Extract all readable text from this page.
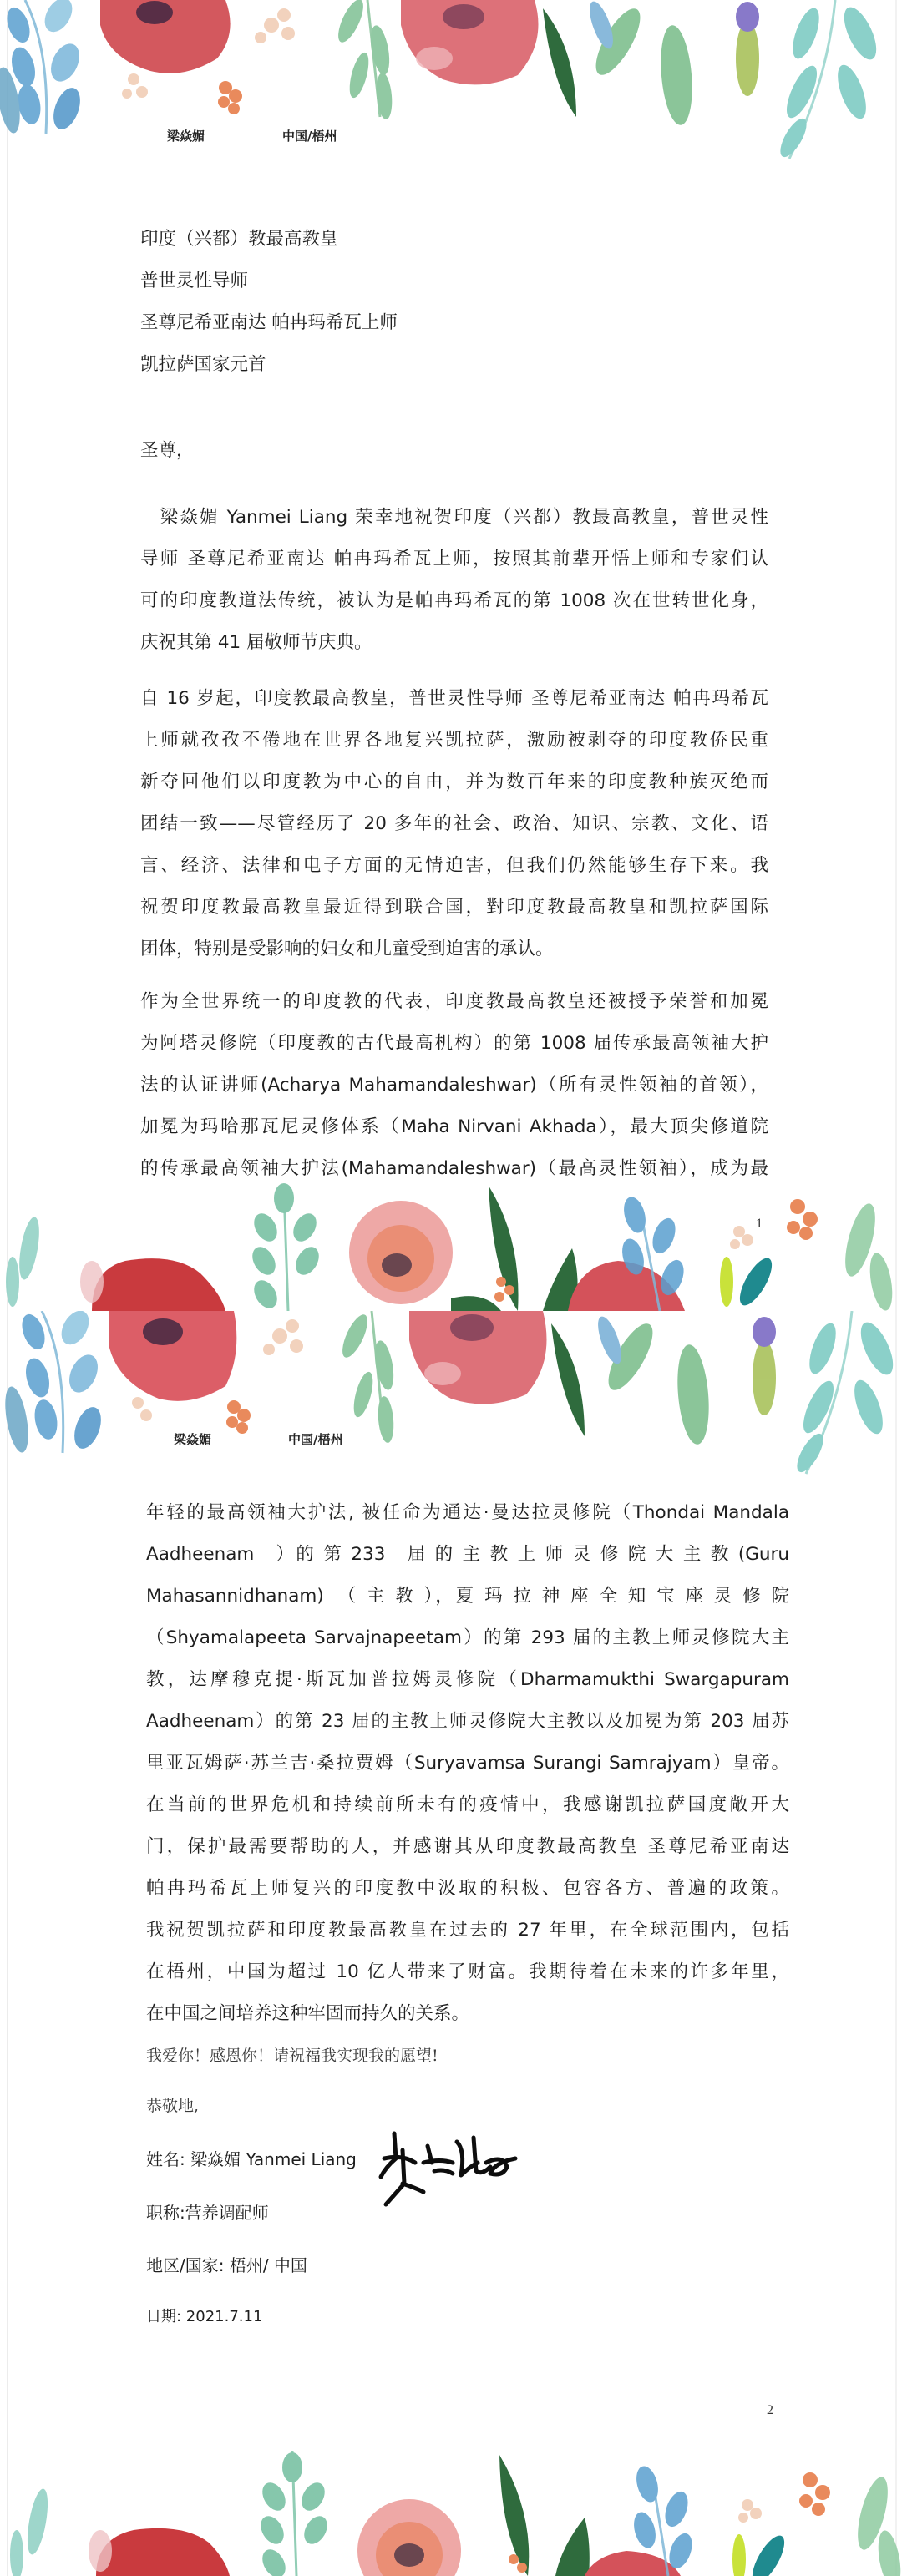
梁焱媚	中国/梧州
印度（兴都）教最高教皇
普世灵性导师
圣尊尼希亚南达 帕冉玛希瓦上师
凯拉萨国家元首
圣尊，
　梁焱媚 Yanmei Liang 荣幸地祝贺印度（兴都）教最高教皇，普世灵性
导师 圣尊尼希亚南达 帕冉玛希瓦上师，按照其前辈开悟上师和专家们认
可的印度教道法传统，被认为是帕冉玛希瓦的第 1008 次在世转世化身，
庆祝其第 41 届敬师节庆典。
自 16 岁起，印度教最高教皇，普世灵性导师 圣尊尼希亚南达 帕冉玛希瓦
上师就孜孜不倦地在世界各地复兴凯拉萨，激励被剥夺的印度教侨民重
新夺回他们以印度教为中心的自由，并为数百年来的印度教种族灭绝而
团结一致——尽管经历了 20 多年的社会、政治、知识、宗教、文化、语
言、经济、法律和电子方面的无情迫害，但我们仍然能够生存下来。我
祝贺印度教最高教皇最近得到联合国，對印度教最高教皇和凯拉萨国际
团体，特别是受影响的妇女和儿童受到迫害的承认。
作为全世界统一的印度教的代表，印度教最高教皇还被授予荣誉和加冕
为阿塔灵修院（印度教的古代最高机构）的第 1008 届传承最高领袖大护
法的认证讲师(Acharya Mahamandaleshwar)（所有灵性领袖的首领），
加冕为玛哈那瓦尼灵修体系（Maha Nirvani Akhada），最大顶尖修道院
的传承最高领袖大护法(Mahamandaleshwar)（最高灵性领袖），成为最
1
梁焱媚	中国/梧州
年轻的最高领袖大护法, 被任命为通达·曼达拉灵修院（Thondai Mandala
Aadheenam　）的 第 233　届 的 主 教 上 师 灵 修 院 大 主 教 (Guru
Mahasannidhanam)　（ 主 教 ），夏 玛 拉 神 座 全 知 宝 座 灵 修 院
（Shyamalapeeta Sarvajnapeetam）的第 293 届的主教上师灵修院大主
教，达摩穆克提·斯瓦加普拉姆灵修院（Dharmamukthi Swargapuram
Aadheenam）的第 23 届的主教上师灵修院大主教以及加冕为第 203 届苏
里亚瓦姆萨·苏兰吉·桑拉贾姆（Suryavamsa Surangi Samrajyam）皇帝。
在当前的世界危机和持续前所未有的疫情中，我感谢凯拉萨国度敞开大
门，保护最需要帮助的人，并感谢其从印度教最高教皇 圣尊尼希亚南达
帕冉玛希瓦上师复兴的印度教中汲取的积极、包容各方、普遍的政策。
我祝贺凯拉萨和印度教最高教皇在过去的 27 年里，在全球范围内，包括
在梧州，中国为超过 10 亿人带来了财富。我期待着在未来的许多年里，
在中国之间培养这种牢固而持久的关系。
我爱你！感恩你！请祝福我实现我的愿望!
恭敬地,
姓名: 梁焱媚 Yanmei Liang
职称:营养调配师
地区/国家: 梧州/ 中国
日期: 2021.7.11
2
